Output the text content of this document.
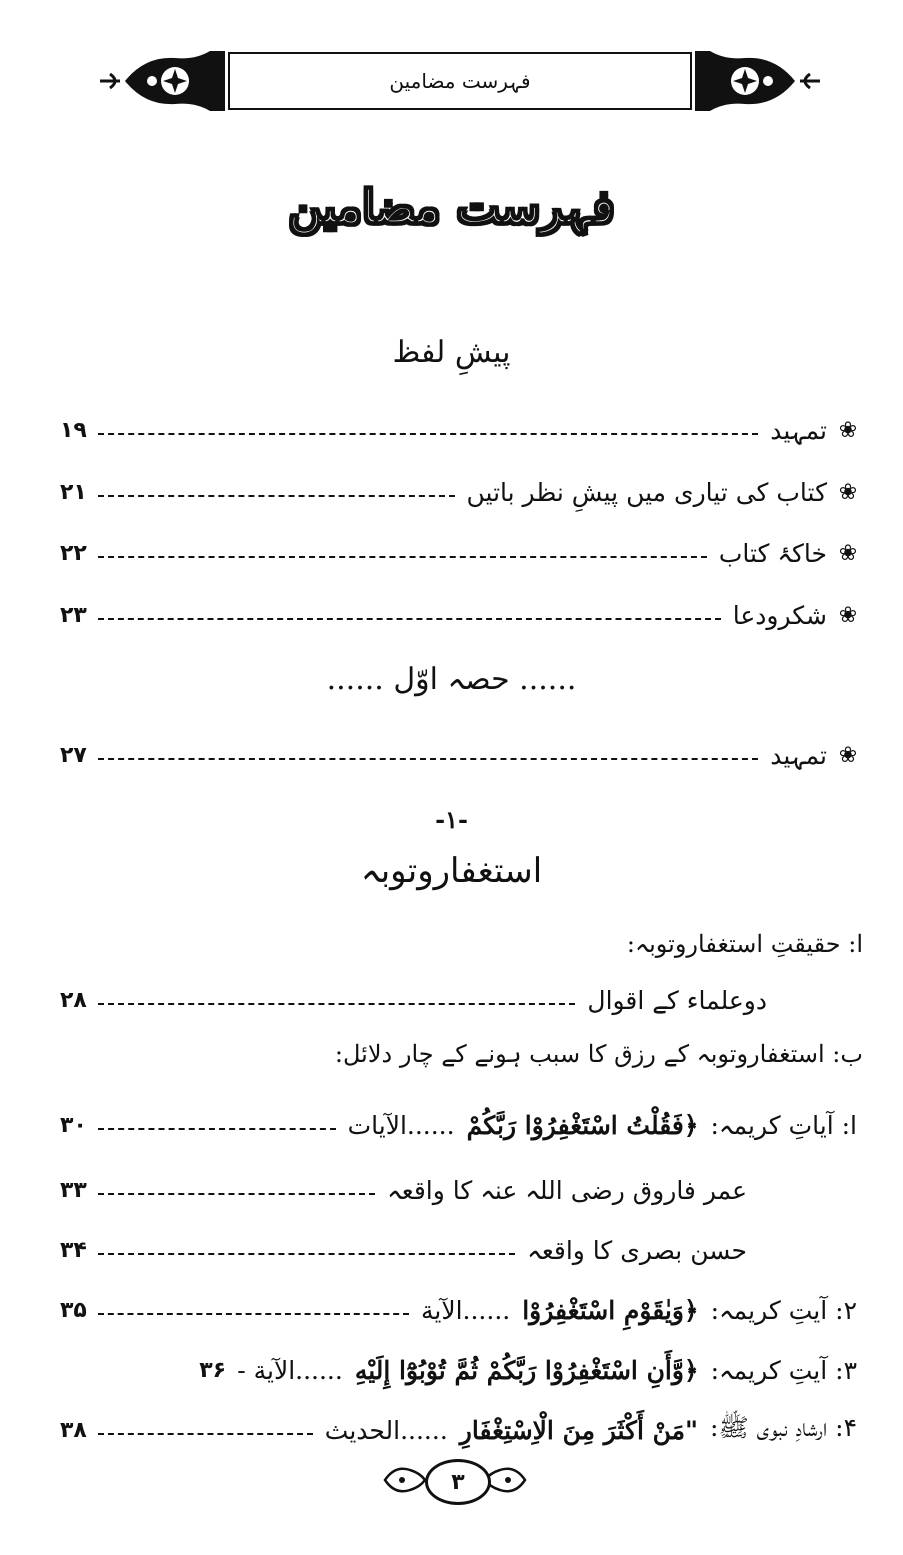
فہرست مضامین
فہرست مضامین
پیشِ لفظ
❀
تمہید
۱۹
❀
کتاب کی تیاری میں پیشِ نظر باتیں
۲۱
❀
خاکۂ کتاب
۲۲
❀
شکرودعا
۲۳
...... حصہ اوّل ......
❀
تمہید
۲۷
-۱-
استغفاروتوبہ
ا: حقیقتِ استغفاروتوبہ:
دوعلماء کے اقوال
۲۸
ب: استغفاروتوبہ کے رزق کا سبب ہونے کے چار دلائل:
ا: آیاتِ کریمہ:
﴿فَقُلْتُ اسْتَغْفِرُوْا رَبَّكُمْ
......الآیات
۳۰
عمر فاروق رضی اللہ عنہ کا واقعہ
۳۳
حسن بصری کا واقعہ
۳۴
۲: آیتِ کریمہ:
﴿وَيٰقَوْمِ اسْتَغْفِرُوْا
......الآیة
۳۵
۳: آیتِ کریمہ:
﴿وَّأَنِ اسْتَغْفِرُوْا رَبَّكُمْ ثُمَّ تُوْبُوْٓا إِلَيْهِ
......الآیة -
۳۶
۴: ارشادِ نبوی ﷺ:
"مَنْ أَكْثَرَ مِنَ الْاِسْتِغْفَارِ
......الحديث
۳۸
۳
